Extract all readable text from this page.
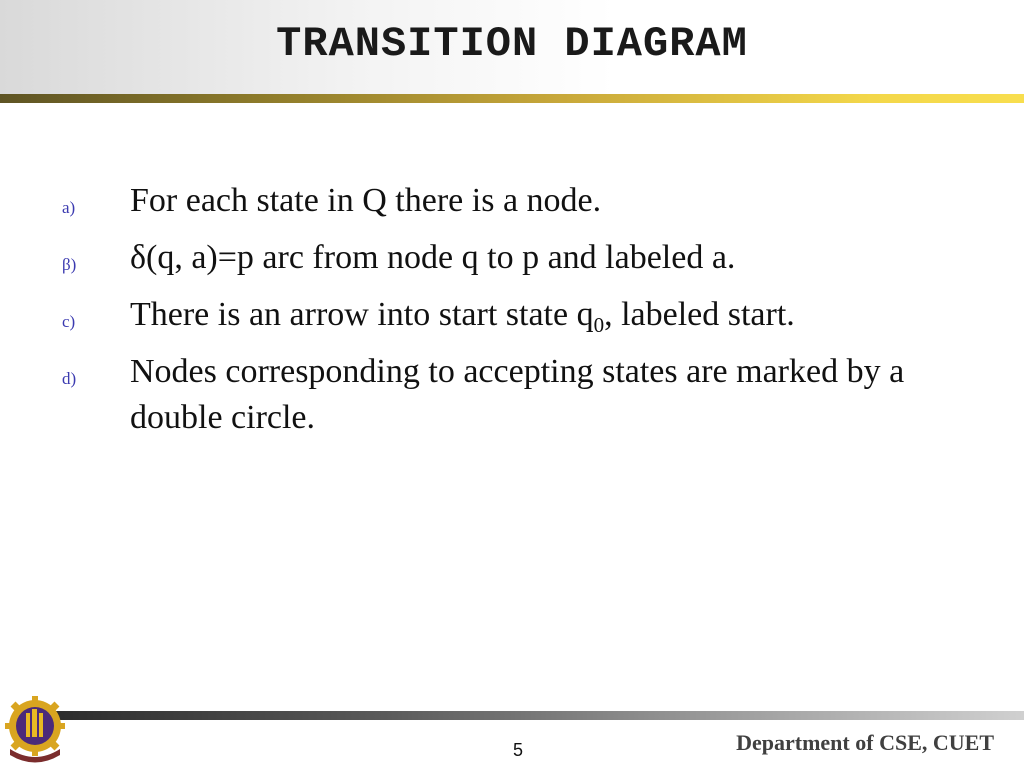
TRANSITION DIAGRAM
a) For each state in Q there is a node.
β) δ(q, a)=p arc from node q to p and labeled a.
c) There is an arrow into start state $q_0$, labeled start.
d) Nodes corresponding to accepting states are marked by a double circle.
5	Department of CSE, CUET
